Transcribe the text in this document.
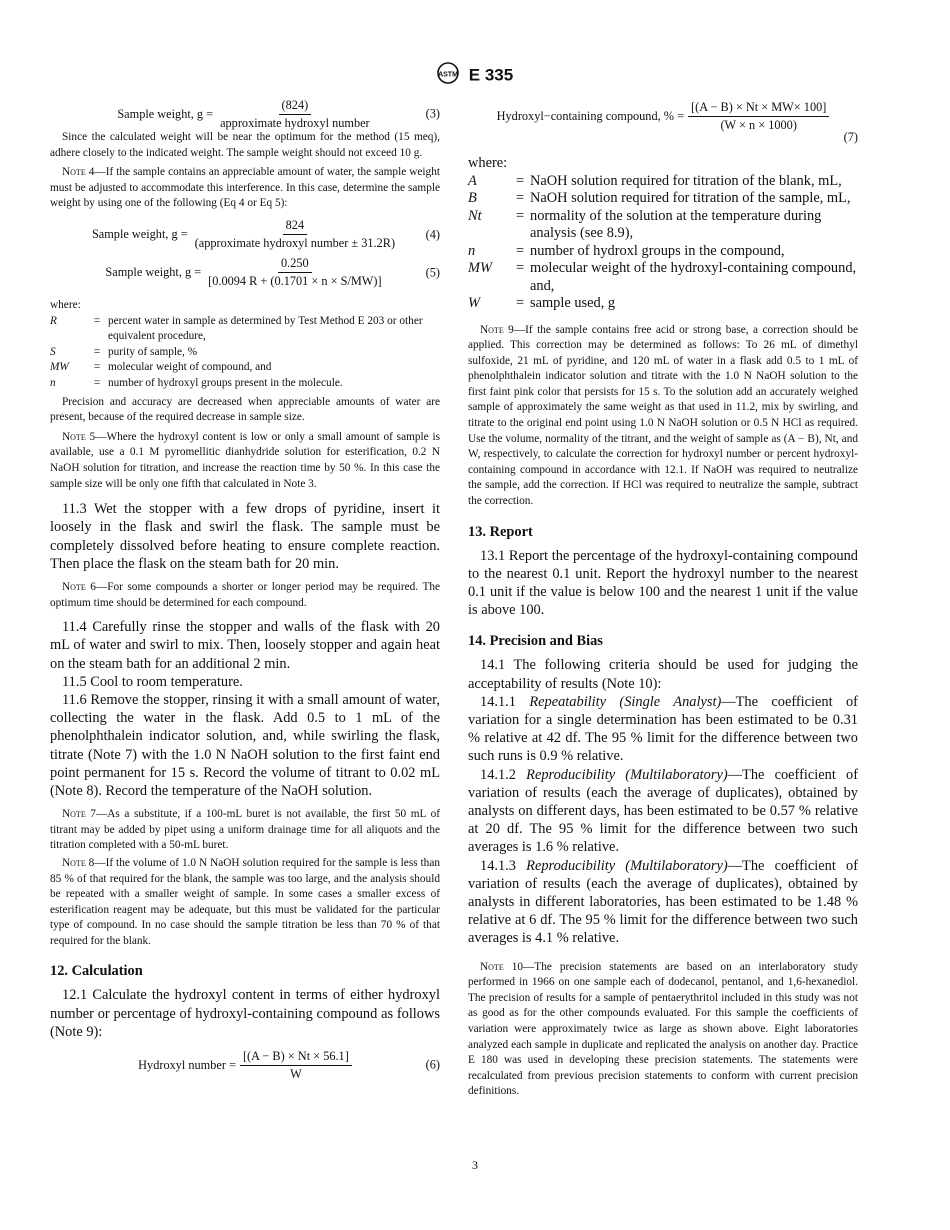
ASTM E 335
Sample weight, $g = \frac{(824)}{\text{approximate hydroxyl number}}$	(3)

Since the calculated weight will be near the optimum for the method (15 meq), adhere closely to the indicated weight. The sample weight should not exceed 10 g.

Note 4—If the sample contains an appreciable amount of water, the sample weight must be adjusted to accommodate this interference. In this case, determine the sample weight by using one of the following (Eq 4 or Eq 5):

Sample weight, $g = \frac{824}{\text{(approximate hydroxyl number ± 31.2R)}} (4)$
Sample weight, $g = \frac{0.250}{[0.0094 R + (0.1701 \times n \times S/MW)]}$	(5)
where:
R	= percent water in sample as determined by Test Method E 203 or other equivalent procedure,
S	= purity of sample, %
MW	= molecular weight of compound, and
n	= number of hydroxyl groups present in the molecule.

Precision and accuracy are decreased when appreciable amounts of water are present, because of the required decrease in sample size.

Note 5—Where the hydroxyl content is low or only a small amount of sample is available, use a 0.1 M pyromellitic dianhydride solution for esterification, 0.2 N NaOH solution for titration, and increase the reaction time by 50 %. In this case the sample size will be only one fifth that calculated in Note 3.

11.3 Wet the stopper with a few drops of pyridine, insert it loosely in the flask and swirl the flask. The sample must be completely dissolved before heating to ensure complete reaction. Then place the flask on the steam bath for 20 min.

Note 6—For some compounds a shorter or longer period may be required. The optimum time should be determined for each compound.

11.4 Carefully rinse the stopper and walls of the flask with 20 mL of water and swirl to mix. Then, loosely stopper and again heat on the steam bath for an additional 2 min.

11.5 Cool to room temperature.

11.6 Remove the stopper, rinsing it with a small amount of water, collecting the water in the flask. Add 0.5 to 1 mL of the phenolphthalein indicator solution, and, while swirling the flask, titrate (Note 7) with the 1.0 N NaOH solution to the first faint end point permanent for 15 s. Record the volume of titrant to 0.02 mL (Note 8). Record the temperature of the NaOH solution.

Note 7—As a substitute, if a 100-mL buret is not available, the first 50 mL of titrant may be added by pipet using a uniform drainage time for all aliquots and the titration completed with a 50-mL buret.

Note 8—If the volume of 1.0 N NaOH solution required for the sample is less than 85 % of that required for the blank, the sample was too large, and the analysis should be repeated with a smaller weight of sample. In some cases a smaller excess of esterification reagent may be adequate, but this must be validated for the particular type of compound. In no case should the sample titration be less than 70 % of that required for the blank.

12. Calculation

12.1 Calculate the hydroxyl content in terms of either hydroxyl number or percentage of hydroxyl-containing compound as follows (Note 9):

Hydroxyl number = $\frac{[(A - B) \times Nt \times 56.1]}{W}$	(6)
Hydroxyl−containing compound, % = $\frac{[(A - B) \times Nt \times MW\times 100]}{(W \times n \times 1000)}$
(7)
where:
A	= NaOH solution required for titration of the blank, mL,
B	= NaOH solution required for titration of the sample, mL,
Nt	= normality of the solution at the temperature during analysis (see 8.9),
n	= number of hydroxl groups in the compound,
MW	= molecular weight of the hydroxyl-containing compound, and,
W	= sample used, g

Note 9—If the sample contains free acid or strong base, a correction should be applied. This correction may be determined as follows: To 26 mL of dimethyl sulfoxide, 21 mL of pyridine, and 120 mL of water in a flask add 0.5 to 1 mL of phenolphthalein indicator solution and titrate with the 1.0 N NaOH solution to the first faint pink color that persists for 15 s. To the solution add an accurately weighed sample of approximately the same weight as that used in 11.2, mix by swirling, and titrate to the original end point using 1.0 N NaOH solution or 0.5 N HCl as required. Use the volume, normality of the titrant, and the weight of sample as (A − B), Nt, and W, respectively, to calculate the correction for hydroxyl number or percent hydroxyl-containing compound in accordance with 12.1. If NaOH was required to neutralize the sample, add the correction. If HCl was required to neutralize the sample, subtract the correction.

13. Report

13.1 Report the percentage of the hydroxyl-containing compound to the nearest 0.1 unit. Report the hydroxyl number to the nearest 0.1 unit if the value is below 100 and the nearest 1 unit if the value is above 100.

14. Precision and Bias

14.1 The following criteria should be used for judging the acceptability of results (Note 10):

14.1.1 Repeatability (Single Analyst)—The coefficient of variation for a single determination has been estimated to be 0.31 % relative at 42 df. The 95 % limit for the difference between two such runs is 0.9 % relative.

14.1.2 Reproducibility (Multilaboratory)—The coefficient of variation of results (each the average of duplicates), obtained by analysts on different days, has been estimated to be 0.57 % relative at 20 df. The 95 % limit for the difference between two such averages is 1.6 % relative.

14.1.3 Reproducibility (Multilaboratory)—The coefficient of variation of results (each the average of duplicates), obtained by analysts in different laboratories, has been estimated to be 1.48 % relative at 6 df. The 95 % limit for the difference between two such averages is 4.1 % relative.

Note 10—The precision statements are based on an interlaboratory study performed in 1966 on one sample each of dodecanol, pentanol, and 1,6-hexanediol. The precision of results for a sample of pentaerythritol included in this study was not as good as for the other compounds evaluated. For this sample the coefficients of variation were approximately twice as large as shown above. Eight laboratories analyzed each sample in duplicate and replicated the analysis on another day. Practice E 180 was used in developing these precision statements. The statements were recalculated from previous precision statements to conform with current precision definitions.

3
